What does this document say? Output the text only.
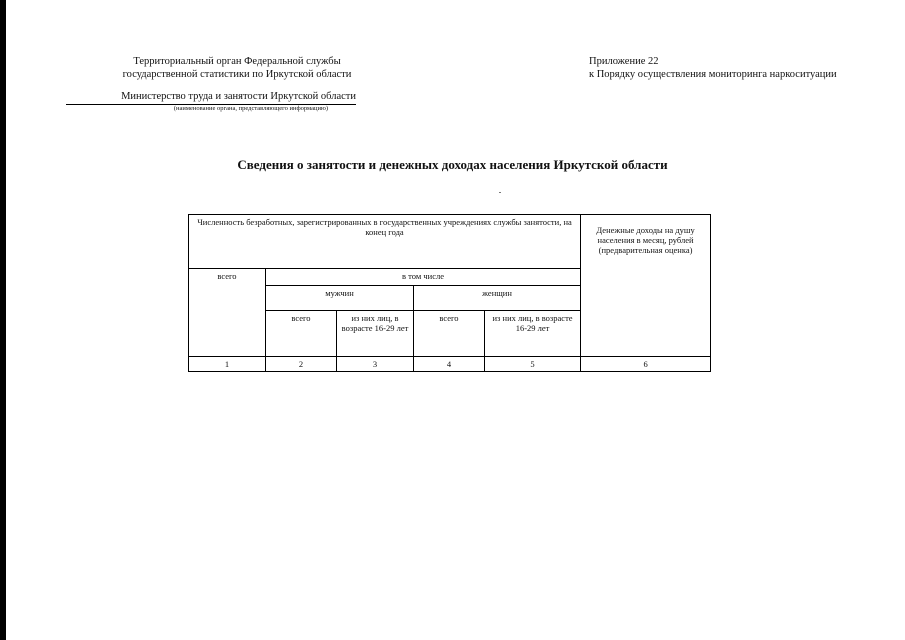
Территориальный орган Федеральной службы
государственной статистики по Иркутской области
Приложение 22
к Порядку осуществления мониторинга наркоситуации
Министерство труда и занятости Иркутской области
(наименование органа, представляющего информацию)
Сведения о занятости и денежных доходах населения Иркутской области
Численность безработных, зарегистрированных в государственных учреждениях службы занятости, на конец года					Денежные доходы на душу населения в месяц, рублей (предварительная оценка)
всего	в том числе				
	мужчин		женщин		
	всего	из них лиц, в возрасте 16-29 лет	всего	из них лиц, в возрасте 16-29 лет	
1	2	3	4	5	6
